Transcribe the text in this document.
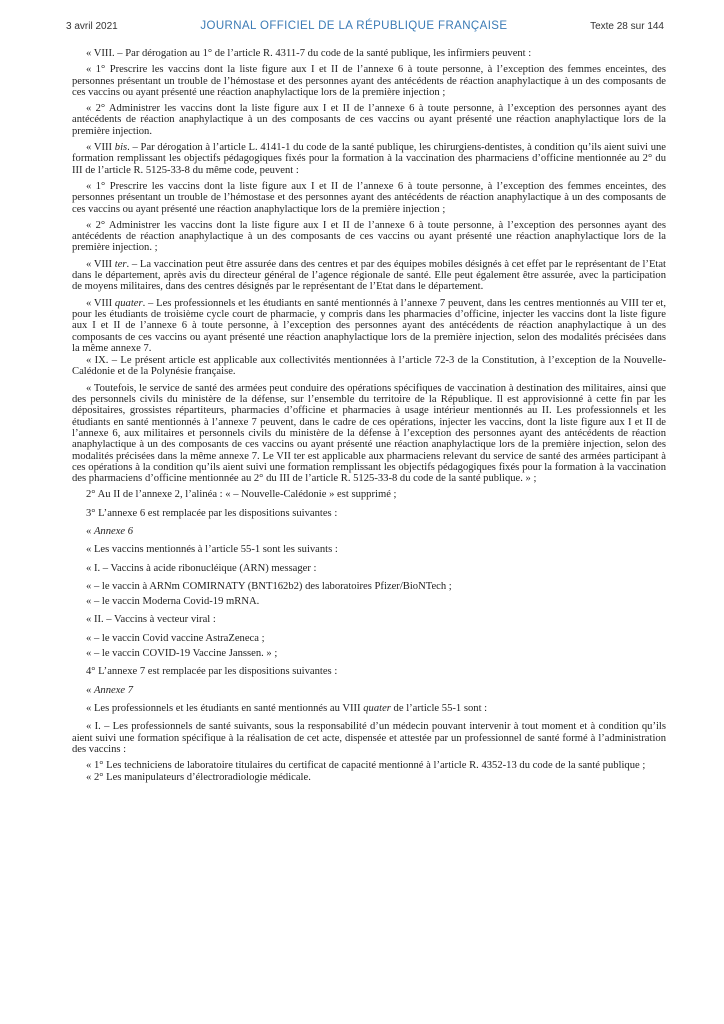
3 avril 2021	JOURNAL OFFICIEL DE LA RÉPUBLIQUE FRANÇAISE	Texte 28 sur 144

« VIII. – Par dérogation au 1° de l’article R. 4311-7 du code de la santé publique, les infirmiers peuvent :

« 1° Prescrire les vaccins dont la liste figure aux I et II de l’annexe 6 à toute personne, à l’exception des femmes enceintes, des personnes présentant un trouble de l’hémostase et des personnes ayant des antécédents de réaction anaphylactique à un des composants de ces vaccins ou ayant présenté une réaction anaphylactique lors de la première injection ;

« 2° Administrer les vaccins dont la liste figure aux I et II de l’annexe 6 à toute personne, à l’exception des personnes ayant des antécédents de réaction anaphylactique à un des composants de ces vaccins ou ayant présenté une réaction anaphylactique lors de la première injection.

« VIII bis. – Par dérogation à l’article L. 4141-1 du code de la santé publique, les chirurgiens-dentistes, à condition qu’ils aient suivi une formation remplissant les objectifs pédagogiques fixés pour la formation à la vaccination des pharmaciens d’officine mentionnée au 2° du III de l’article R. 5125-33-8 du même code, peuvent :

« 1° Prescrire les vaccins dont la liste figure aux I et II de l’annexe 6 à toute personne, à l’exception des femmes enceintes, des personnes présentant un trouble de l’hémostase et des personnes ayant des antécédents de réaction anaphylactique à un des composants de ces vaccins ou ayant présenté une réaction anaphylactique lors de la première injection ;

« 2° Administrer les vaccins dont la liste figure aux I et II de l’annexe 6 à toute personne, à l’exception des personnes ayant des antécédents de réaction anaphylactique à un des composants de ces vaccins ou ayant présenté une réaction anaphylactique lors de la première injection. ;

« VIII ter. – La vaccination peut être assurée dans des centres et par des équipes mobiles désignés à cet effet par le représentant de l’Etat dans le département, après avis du directeur général de l’agence régionale de santé. Elle peut également être assurée, avec la participation de moyens militaires, dans des centres désignés par le représentant de l’Etat dans le département.

« VIII quater. – Les professionnels et les étudiants en santé mentionnés à l’annexe 7 peuvent, dans les centres mentionnés au VIII ter et, pour les étudiants de troisième cycle court de pharmacie, y compris dans les pharmacies d’officine, injecter les vaccins dont la liste figure aux I et II de l’annexe 6 à toute personne, à l’exception des personnes ayant des antécédents de réaction anaphylactique à un des composants de ces vaccins ou ayant présenté une réaction anaphylactique lors de la première injection, selon des modalités précisées dans la même annexe 7.

« IX. – Le présent article est applicable aux collectivités mentionnées à l’article 72-3 de la Constitution, à l’exception de la Nouvelle-Calédonie et de la Polynésie française.

« Toutefois, le service de santé des armées peut conduire des opérations spécifiques de vaccination à destination des militaires, ainsi que des personnels civils du ministère de la défense, sur l’ensemble du territoire de la République. Il est approvisionné à cette fin par les dépositaires, grossistes répartiteurs, pharmacies d’officine et pharmacies à usage intérieur mentionnés au II. Les professionnels et les étudiants en santé mentionnés à l’annexe 7 peuvent, dans le cadre de ces opérations, injecter les vaccins, dont la liste figure aux I et II de l’annexe 6, aux militaires et personnels civils du ministère de la défense à l’exception des personnes ayant des antécédents de réaction anaphylactique à un des composants de ces vaccins ou ayant présenté une réaction anaphylactique lors de la première injection, selon des modalités précisées dans la même annexe 7. Le VII ter est applicable aux pharmaciens relevant du service de santé des armées participant à ces opérations à la condition qu’ils aient suivi une formation remplissant les objectifs pédagogiques fixés pour la formation à la vaccination des pharmaciens d’officine mentionnée au 2° du III de l’article R. 5125-33-8 du code de la santé publique. » ;

2° Au II de l’annexe 2, l’alinéa : « – Nouvelle-Calédonie » est supprimé ;

3° L’annexe 6 est remplacée par les dispositions suivantes :

« Annexe 6

« Les vaccins mentionnés à l’article 55-1 sont les suivants :

« I. – Vaccins à acide ribonucléique (ARN) messager :

« – le vaccin à ARNm COMIRNATY (BNT162b2) des laboratoires Pfizer/BioNTech ;

« – le vaccin Moderna Covid-19 mRNA.

« II. – Vaccins à vecteur viral :

« – le vaccin Covid vaccine AstraZeneca ;

« – le vaccin COVID-19 Vaccine Janssen. » ;

4° L’annexe 7 est remplacée par les dispositions suivantes :

« Annexe 7

« Les professionnels et les étudiants en santé mentionnés au VIII quater de l’article 55-1 sont :

« I. – Les professionnels de santé suivants, sous la responsabilité d’un médecin pouvant intervenir à tout moment et à condition qu’ils aient suivi une formation spécifique à la réalisation de cet acte, dispensée et attestée par un professionnel de santé formé à l’administration des vaccins :

« 1° Les techniciens de laboratoire titulaires du certificat de capacité mentionné à l’article R. 4352-13 du code de la santé publique ;

« 2° Les manipulateurs d’électroradiologie médicale.
